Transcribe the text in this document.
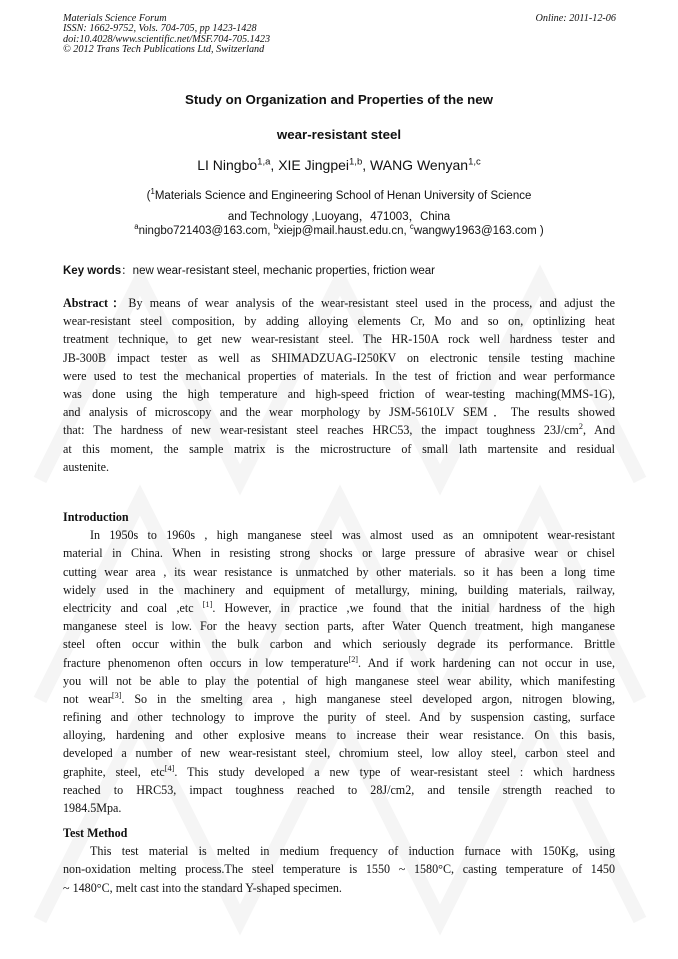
Materials Science Forum
ISSN: 1662-9752, Vols. 704-705, pp 1423-1428
doi:10.4028/www.scientific.net/MSF.704-705.1423
© 2012 Trans Tech Publications Ltd, Switzerland
Online: 2011-12-06
Study on Organization and Properties of the new
wear-resistant steel
LI Ningbo$^{1,a}$, XIE Jingpei$^{1,b}$, WANG Wenyan$^{1,c}$
($^1$Materials Science and Engineering School of Henan University of Science
and Technology ,Luoyang，471003，China
$^a$ningbo721403@163.com, $^b$xiejp@mail.haust.edu.cn, $^c$wangwy1963@163.com )
Key words：new wear-resistant steel, mechanic properties, friction wear
Abstract：By means of wear analysis of the wear-resistant steel used in the process, and adjust the
wear-resistant steel composition, by adding alloying elements Cr, Mo and so on, optinlizing heat
treatment technique, to get new wear-resistant steel. The HR-150A rock well hardness tester and
JB-300B impact tester as well as SHIMADZUAG-I250KV on electronic tensile testing machine
were used to test the mechanical properties of materials. In the test of friction and wear performance
was done using the high temperature and high-speed friction of wear-testing maching(MMS-1G),
and analysis of microscopy and the wear morphology by JSM-5610LV SEM．The results showed
that: The hardness of new wear-resistant steel reaches HRC53, the impact toughness $23J/cm^2$, And
at this moment, the sample matrix is the microstructure of small lath martensite and residual
austenite.
Introduction
In 1950s to 1960s , high manganese steel was almost used as an omnipotent wear-resistant
material in China. When in resisting strong shocks or large pressure of abrasive wear or chisel
cutting wear area , its wear resistance is unmatched by other materials. so it has been a long time
widely used in the machinery and equipment of metallurgy, mining, building materials, railway,
electricity and coal ,etc [1]. However, in practice ,we found that the initial hardness of the high
manganese steel is low. For the heavy section parts, after Water Quench treatment, high manganese
steel often occur within the bulk carbon and which seriously degrade its performance. Brittle
fracture phenomenon often occurs in low temperature[2]. And if work hardening can not occur in use,
you will not be able to play the potential of high manganese steel wear ability, which manifesting
not wear[3]. So in the smelting area , high manganese steel developed argon, nitrogen blowing,
refining and other technology to improve the purity of steel. And by suspension casting, surface
alloying, hardening and other explosive means to increase their wear resistance. On this basis,
developed a number of new wear-resistant steel, chromium steel, low alloy steel, carbon steel and
graphite, steel, etc[4]. This study developed a new type of wear-resistant steel : which hardness
reached to HRC53, impact toughness reached to 28J/cm2, and tensile strength reached to
1984.5Mpa.
Test Method
This test material is melted in medium frequency of induction furnace with 150Kg, using
non-oxidation melting process.The steel temperature is 1550 ~ 1580°C, casting temperature of 1450
~ 1480°C, melt cast into the standard Y-shaped specimen.
